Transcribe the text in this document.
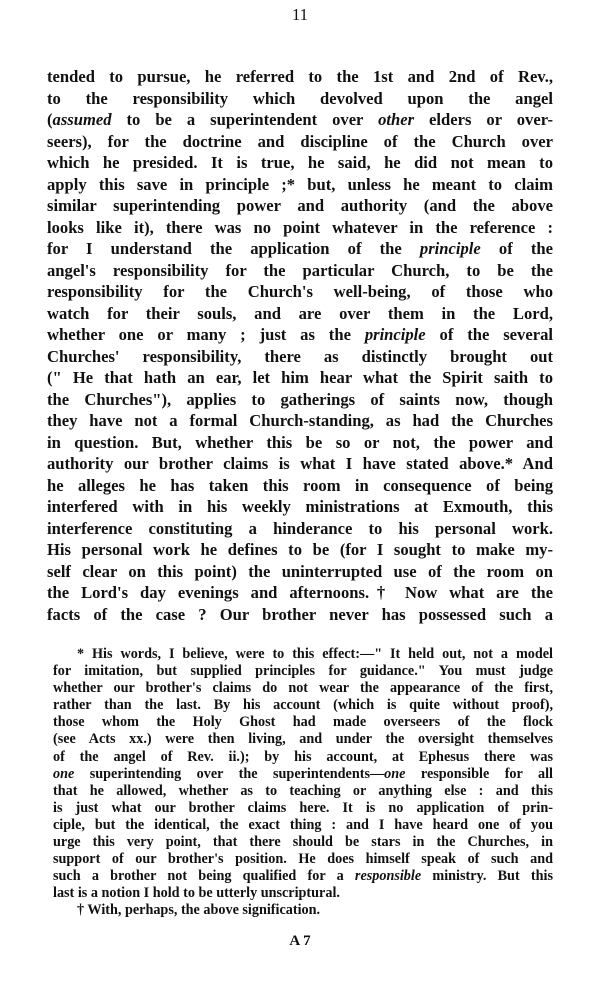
11
tended to pursue, he referred to the 1st and 2nd of Rev.,
to the responsibility which devolved upon the angel
(assumed to be a superintendent over other elders or over-
seers), for the doctrine and discipline of the Church over
which he presided. It is true, he said, he did not mean to
apply this save in principle ;* but, unless he meant to claim
similar superintending power and authority (and the above
looks like it), there was no point whatever in the reference :
for I understand the application of the principle of the
angel's responsibility for the particular Church, to be the
responsibility for the Church's well-being, of those who
watch for their souls, and are over them in the Lord,
whether one or many ; just as the principle of the several
Churches' responsibility, there as distinctly brought out
(" He that hath an ear, let him hear what the Spirit saith to
the Churches"), applies to gatherings of saints now, though
they have not a formal Church-standing, as had the Churches
in question. But, whether this be so or not, the power and
authority our brother claims is what I have stated above.* And
he alleges he has taken this room in consequence of being
interfered with in his weekly ministrations at Exmouth, this
interference constituting a hinderance to his personal work.
His personal work he defines to be (for I sought to make my-
self clear on this point) the uninterrupted use of the room on
the Lord's day evenings and afternoons.† Now what are the
facts of the case ? Our brother never has possessed such a
* His words, I believe, were to this effect:—" It held out, not a model
for imitation, but supplied principles for guidance." You must judge
whether our brother's claims do not wear the appearance of the first,
rather than the last. By his account (which is quite without proof),
those whom the Holy Ghost had made overseers of the flock
(see Acts xx.) were then living, and under the oversight themselves
of the angel of Rev. ii.); by his account, at Ephesus there was
one superintending over the superintendents—one responsible for all
that he allowed, whether as to teaching or anything else : and this
is just what our brother claims here. It is no application of prin-
ciple, but the identical, the exact thing : and I have heard one of you
urge this very point, that there should be stars in the Churches, in
support of our brother's position. He does himself speak of such and
such a brother not being qualified for a responsible ministry. But this
last is a notion I hold to be utterly unscriptural.
† With, perhaps, the above signification.
A 7
